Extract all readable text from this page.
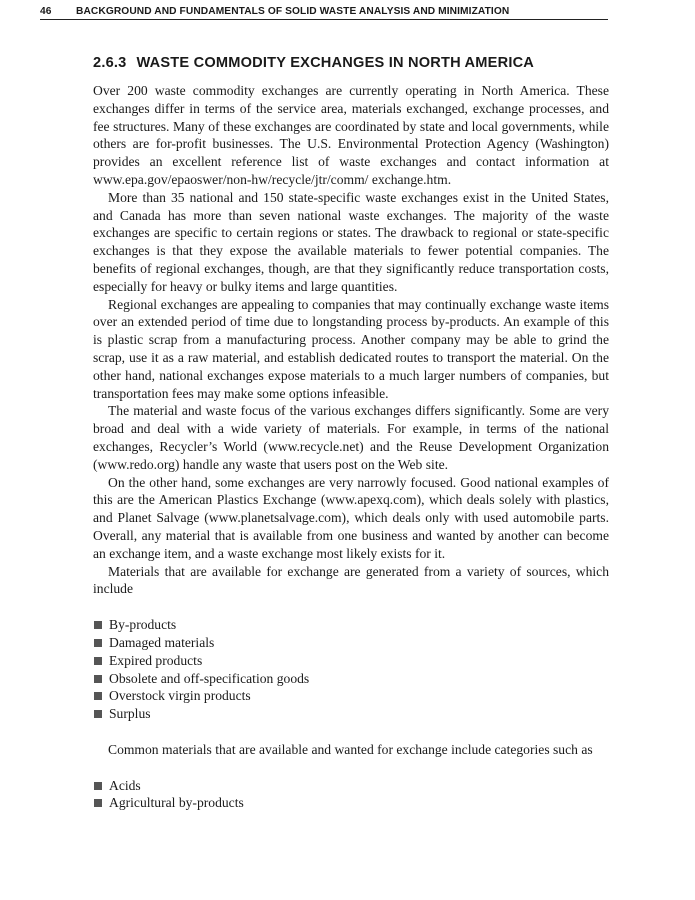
46 BACKGROUND AND FUNDAMENTALS OF SOLID WASTE ANALYSIS AND MINIMIZATION
2.6.3 WASTE COMMODITY EXCHANGES IN NORTH AMERICA

Over 200 waste commodity exchanges are currently operating in North America. These exchanges differ in terms of the service area, materials exchanged, exchange processes, and fee structures. Many of these exchanges are coordinated by state and local governments, while others are for-profit businesses. The U.S. Environmental Protection Agency (Washington) provides an excellent reference list of waste exchanges and contact information at www.epa.gov/epaoswer/non-hw/recycle/jtr/comm/ exchange.htm.

More than 35 national and 150 state-specific waste exchanges exist in the United States, and Canada has more than seven national waste exchanges. The majority of the waste exchanges are specific to certain regions or states. The drawback to regional or state-specific exchanges is that they expose the available materials to fewer potential companies. The benefits of regional exchanges, though, are that they significantly reduce transportation costs, especially for heavy or bulky items and large quantities.

Regional exchanges are appealing to companies that may continually exchange waste items over an extended period of time due to longstanding process by-products. An example of this is plastic scrap from a manufacturing process. Another company may be able to grind the scrap, use it as a raw material, and establish dedicated routes to transport the material. On the other hand, national exchanges expose materials to a much larger numbers of companies, but transportation fees may make some options infeasible.

The material and waste focus of the various exchanges differs significantly. Some are very broad and deal with a wide variety of materials. For example, in terms of the national exchanges, Recycler’s World (www.recycle.net) and the Reuse Development Organization (www.redo.org) handle any waste that users post on the Web site.

On the other hand, some exchanges are very narrowly focused. Good national examples of this are the American Plastics Exchange (www.apexq.com), which deals solely with plastics, and Planet Salvage (www.planetsalvage.com), which deals only with used automobile parts. Overall, any material that is available from one business and wanted by another can become an exchange item, and a waste exchange most likely exists for it.

Materials that are available for exchange are generated from a variety of sources, which include

By-products
Damaged materials
Expired products
Obsolete and off-specification goods
Overstock virgin products
Surplus

Common materials that are available and wanted for exchange include categories such as

Acids
Agricultural by-products
